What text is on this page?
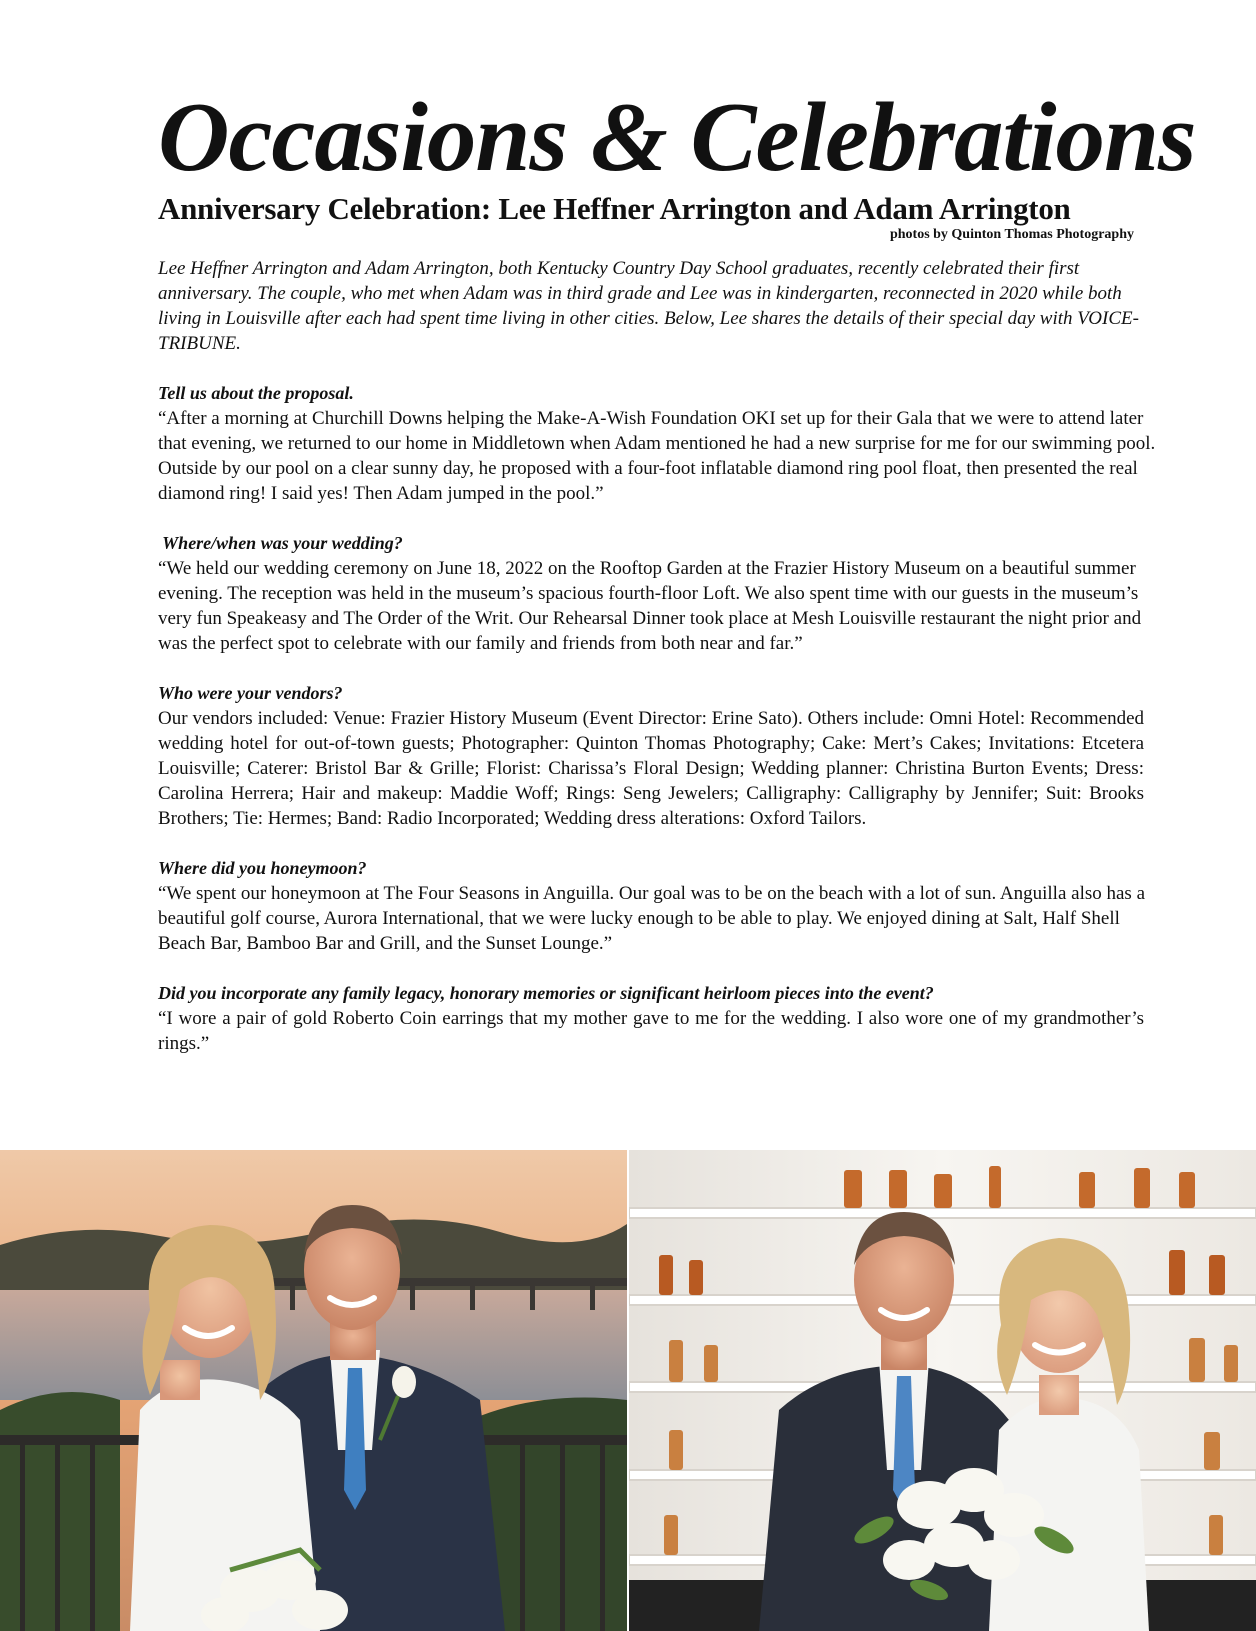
Occasions & Celebrations
Anniversary Celebration: Lee Heffner Arrington and Adam Arrington

photos by Quinton Thomas Photography

Lee Heffner Arrington and Adam Arrington, both Kentucky Country Day School graduates, recently celebrated their first anniversary. The couple, who met when Adam was in third grade and Lee was in kindergarten, reconnected in 2020 while both living in Louisville after each had spent time living in other cities. Below, Lee shares the details of their special day with VOICE-TRIBUNE.

Tell us about the proposal.

“After a morning at Churchill Downs helping the Make-A-Wish Foundation OKI set up for their Gala that we were to attend later that evening, we returned to our home in Middletown when Adam mentioned he had a new surprise for me for our swimming pool.

Outside by our pool on a clear sunny day, he proposed with a four-foot inflatable diamond ring pool float, then presented the real diamond ring! I said yes! Then Adam jumped in the pool.”

Where/when was your wedding?

“We held our wedding ceremony on June 18, 2022 on the Rooftop Garden at the Frazier History Museum on a beautiful summer evening. The reception was held in the museum’s spacious fourth-floor Loft. We also spent time with our guests in the museum’s very fun Speakeasy and The Order of the Writ. Our Rehearsal Dinner took place at Mesh Louisville restaurant the night prior and was the perfect spot to celebrate with our family and friends from both near and far.”

Who were your vendors?

Our vendors included: Venue: Frazier History Museum (Event Director: Erine Sato). Others include: Omni Hotel: Recommended wedding hotel for out-of-town guests; Photographer: Quinton Thomas Photography; Cake: Mert’s Cakes; Invitations: Etcetera Louisville; Caterer: Bristol Bar & Grille; Florist: Charissa’s Floral Design; Wedding planner: Christina Burton Events; Dress: Carolina Herrera; Hair and makeup: Maddie Woff; Rings: Seng Jewelers; Calligraphy: Calligraphy by Jennifer; Suit: Brooks Brothers; Tie: Hermes; Band: Radio Incorporated; Wedding dress alterations: Oxford Tailors.

Where did you honeymoon?

“We spent our honeymoon at The Four Seasons in Anguilla. Our goal was to be on the beach with a lot of sun. Anguilla also has a beautiful golf course, Aurora International, that we were lucky enough to be able to play. We enjoyed dining at Salt, Half Shell Beach Bar, Bamboo Bar and Grill, and the Sunset Lounge.”

Did you incorporate any family legacy, honorary memories or significant heirloom pieces into the event?

“I wore a pair of gold Roberto Coin earrings that my mother gave to me for the wedding. I also wore one of my grandmother’s rings.”
